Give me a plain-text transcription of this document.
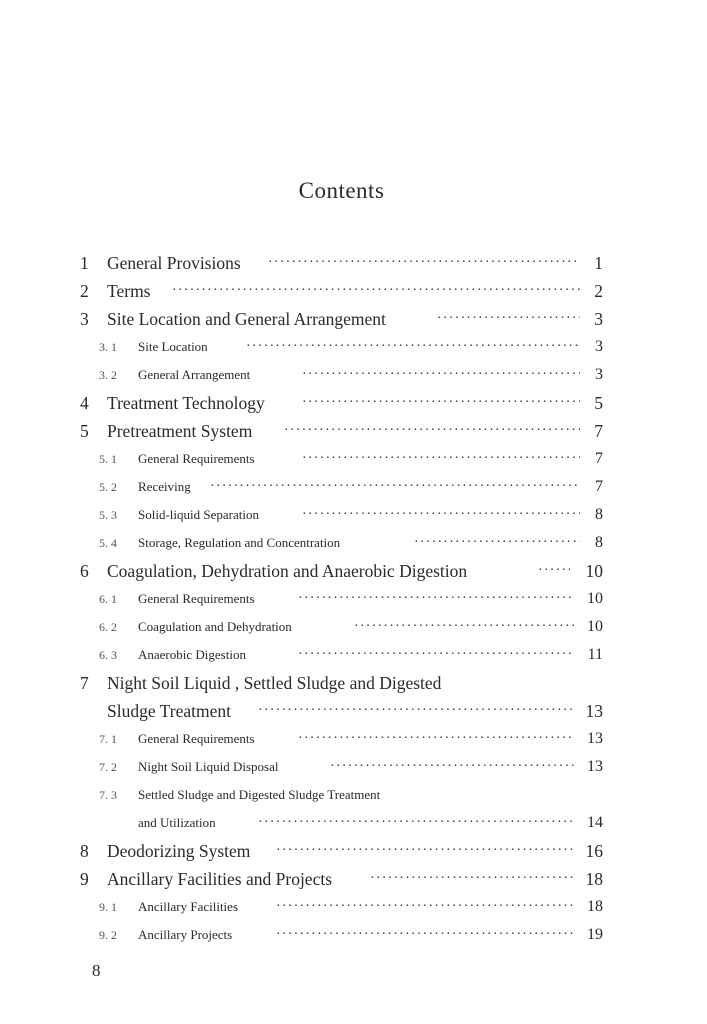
Contents
1 General Provisions ·····	1
2 Terms ·····	2
3 Site Location and General Arrangement ·····	3
3. 1 Site Location ·····	3
3. 2 General Arrangement ·····	3
4 Treatment Technology ·····	5
5 Pretreatment System ·····	7
5. 1 General Requirements ·····	7
5. 2 Receiving ·····	7
5. 3 Solid-liquid Separation ·····	8
5. 4 Storage, Regulation and Concentration ·····	8
6 Coagulation, Dehydration and Anaerobic Digestion ·····	10
6. 1 General Requirements ·····	10
6. 2 Coagulation and Dehydration ·····	10
6. 3 Anaerobic Digestion ·····	11
7 Night Soil Liquid , Settled Sludge and Digested
Sludge Treatment ·····	13
7. 1 General Requirements ·····	13
7. 2 Night Soil Liquid Disposal ·····	13
7. 3 Settled Sludge and Digested Sludge Treatment
and Utilization ·····	14
8 Deodorizing System ·····	16
9 Ancillary Facilities and Projects ·····	18
9. 1 Ancillary Facilities ·····	18
9. 2 Ancillary Projects ·····	19
8
